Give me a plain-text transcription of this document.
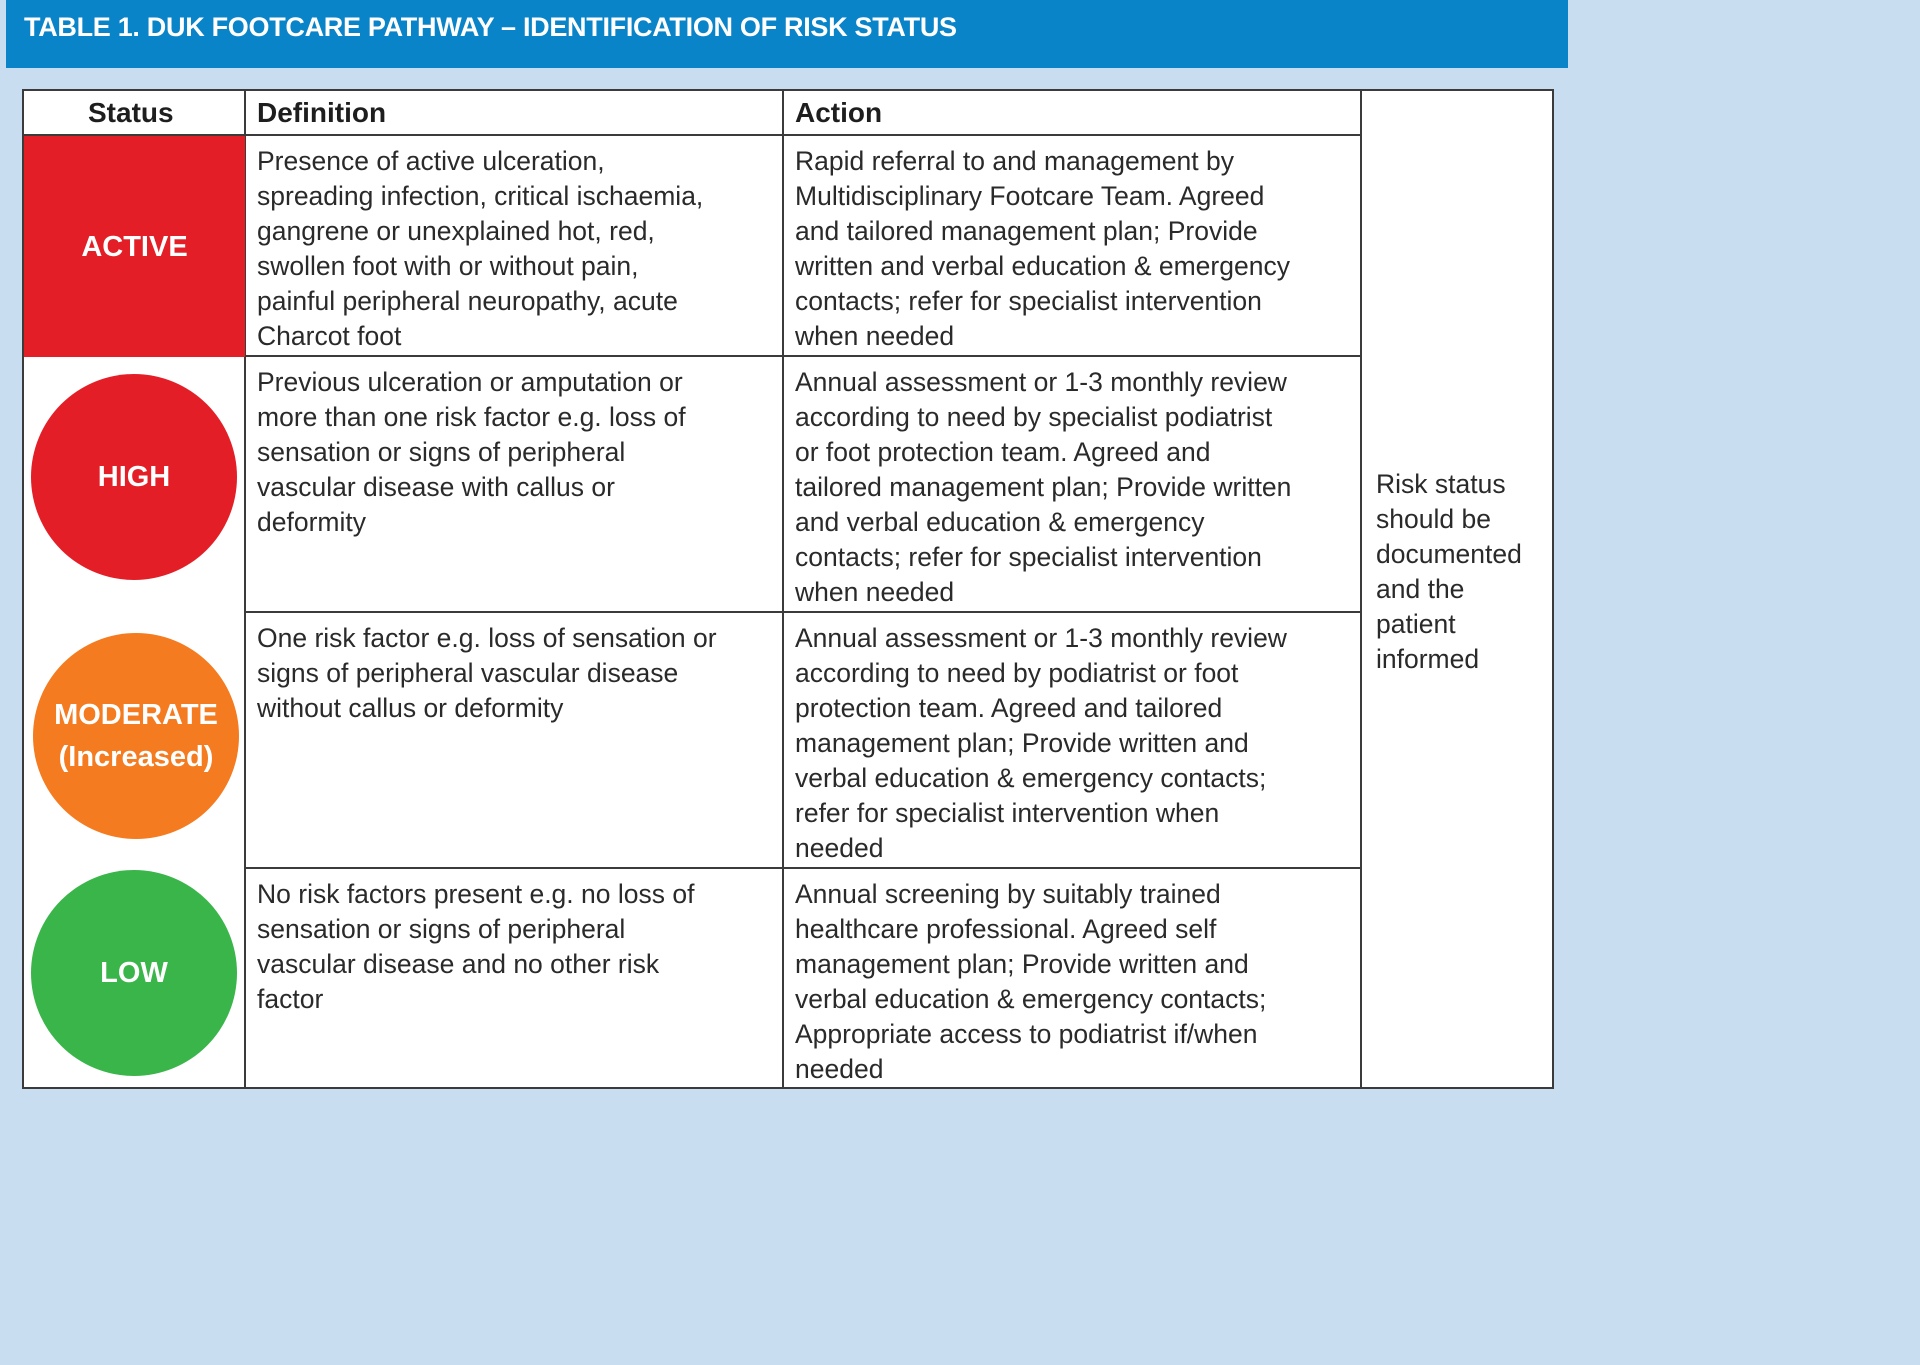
TABLE 1. DUK FOOTCARE PATHWAY – IDENTIFICATION OF RISK STATUS
Status	Definition	Action
ACTIVE
HIGH
MODERATE
(Increased)
LOW
Presence of active ulceration,
spreading infection, critical ischaemia,
gangrene or unexplained hot, red,
swollen foot with or without pain,
painful peripheral neuropathy, acute
Charcot foot
Previous ulceration or amputation or
more than one risk factor e.g. loss of
sensation or signs of peripheral
vascular disease with callus or
deformity
One risk factor e.g. loss of sensation or
signs of peripheral vascular disease
without callus or deformity
No risk factors present e.g. no loss of
sensation or signs of peripheral
vascular disease and no other risk
factor
Rapid referral to and management by
Multidisciplinary Footcare Team. Agreed
and tailored management plan; Provide
written and verbal education & emergency
contacts; refer for specialist intervention
when needed
Annual assessment or 1-3 monthly review
according to need by specialist podiatrist
or foot protection team. Agreed and
tailored management plan; Provide written
and verbal education & emergency
contacts; refer for specialist intervention
when needed
Annual assessment or 1-3 monthly review
according to need by podiatrist or foot
protection team. Agreed and tailored
management plan; Provide written and
verbal education & emergency contacts;
refer for specialist intervention when
needed
Annual screening by suitably trained
healthcare professional. Agreed self
management plan; Provide written and
verbal education & emergency contacts;
Appropriate access to podiatrist if/when
needed
Risk status
should be
documented
and the
patient
informed
